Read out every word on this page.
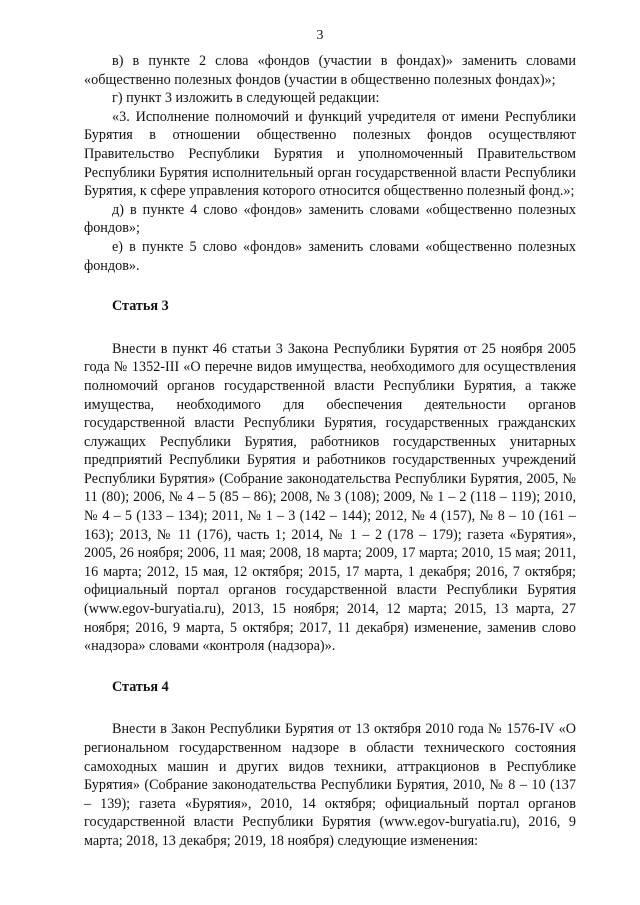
3

в) в пункте 2 слова «фондов (участии в фондах)» заменить словами «общественно полезных фондов (участии в общественно полезных фондах)»;

г) пункт 3 изложить в следующей редакции:

«3. Исполнение полномочий и функций учредителя от имени Республики Бурятия в отношении общественно полезных фондов осуществляют Правительство Республики Бурятия и уполномоченный Правительством Республики Бурятия исполнительный орган государственной власти Республики Бурятия, к сфере управления которого относится общественно полезный фонд.»;

д) в пункте 4 слово «фондов» заменить словами «общественно полезных фондов»;

е) в пункте 5 слово «фондов» заменить словами «общественно полезных фондов».

Статья 3

Внести в пункт 46 статьи 3 Закона Республики Бурятия от 25 ноября 2005 года № 1352-III «О перечне видов имущества, необходимого для осуществления полномочий органов государственной власти Республики Бурятия, а также имущества, необходимого для обеспечения деятельности органов государственной власти Республики Бурятия, государственных гражданских служащих Республики Бурятия, работников государственных унитарных предприятий Республики Бурятия и работников государственных учреждений Республики Бурятия» (Собрание законодательства Республики Бурятия, 2005, № 11 (80); 2006, № 4 – 5 (85 – 86); 2008, № 3 (108); 2009, № 1 – 2 (118 – 119); 2010, № 4 – 5 (133 – 134); 2011, № 1 – 3 (142 – 144); 2012, № 4 (157), № 8 – 10 (161 – 163); 2013, № 11 (176), часть 1; 2014, № 1 – 2 (178 – 179); газета «Бурятия», 2005, 26 ноября; 2006, 11 мая; 2008, 18 марта; 2009, 17 марта; 2010, 15 мая; 2011, 16 марта; 2012, 15 мая, 12 октября; 2015, 17 марта, 1 декабря; 2016, 7 октября; официальный портал органов государственной власти Республики Бурятия (www.egov-buryatia.ru), 2013, 15 ноября; 2014, 12 марта; 2015, 13 марта, 27 ноября; 2016, 9 марта, 5 октября; 2017, 11 декабря) изменение, заменив слово «надзора» словами «контроля (надзора)».

Статья 4

Внести в Закон Республики Бурятия от 13 октября 2010 года № 1576-IV «О региональном государственном надзоре в области технического состояния самоходных машин и других видов техники, аттракционов в Республике Бурятия» (Собрание законодательства Республики Бурятия, 2010, № 8 – 10 (137 – 139); газета «Бурятия», 2010, 14 октября; официальный портал органов государственной власти Республики Бурятия (www.egov-buryatia.ru), 2016, 9 марта; 2018, 13 декабря; 2019, 18 ноября) следующие изменения:
